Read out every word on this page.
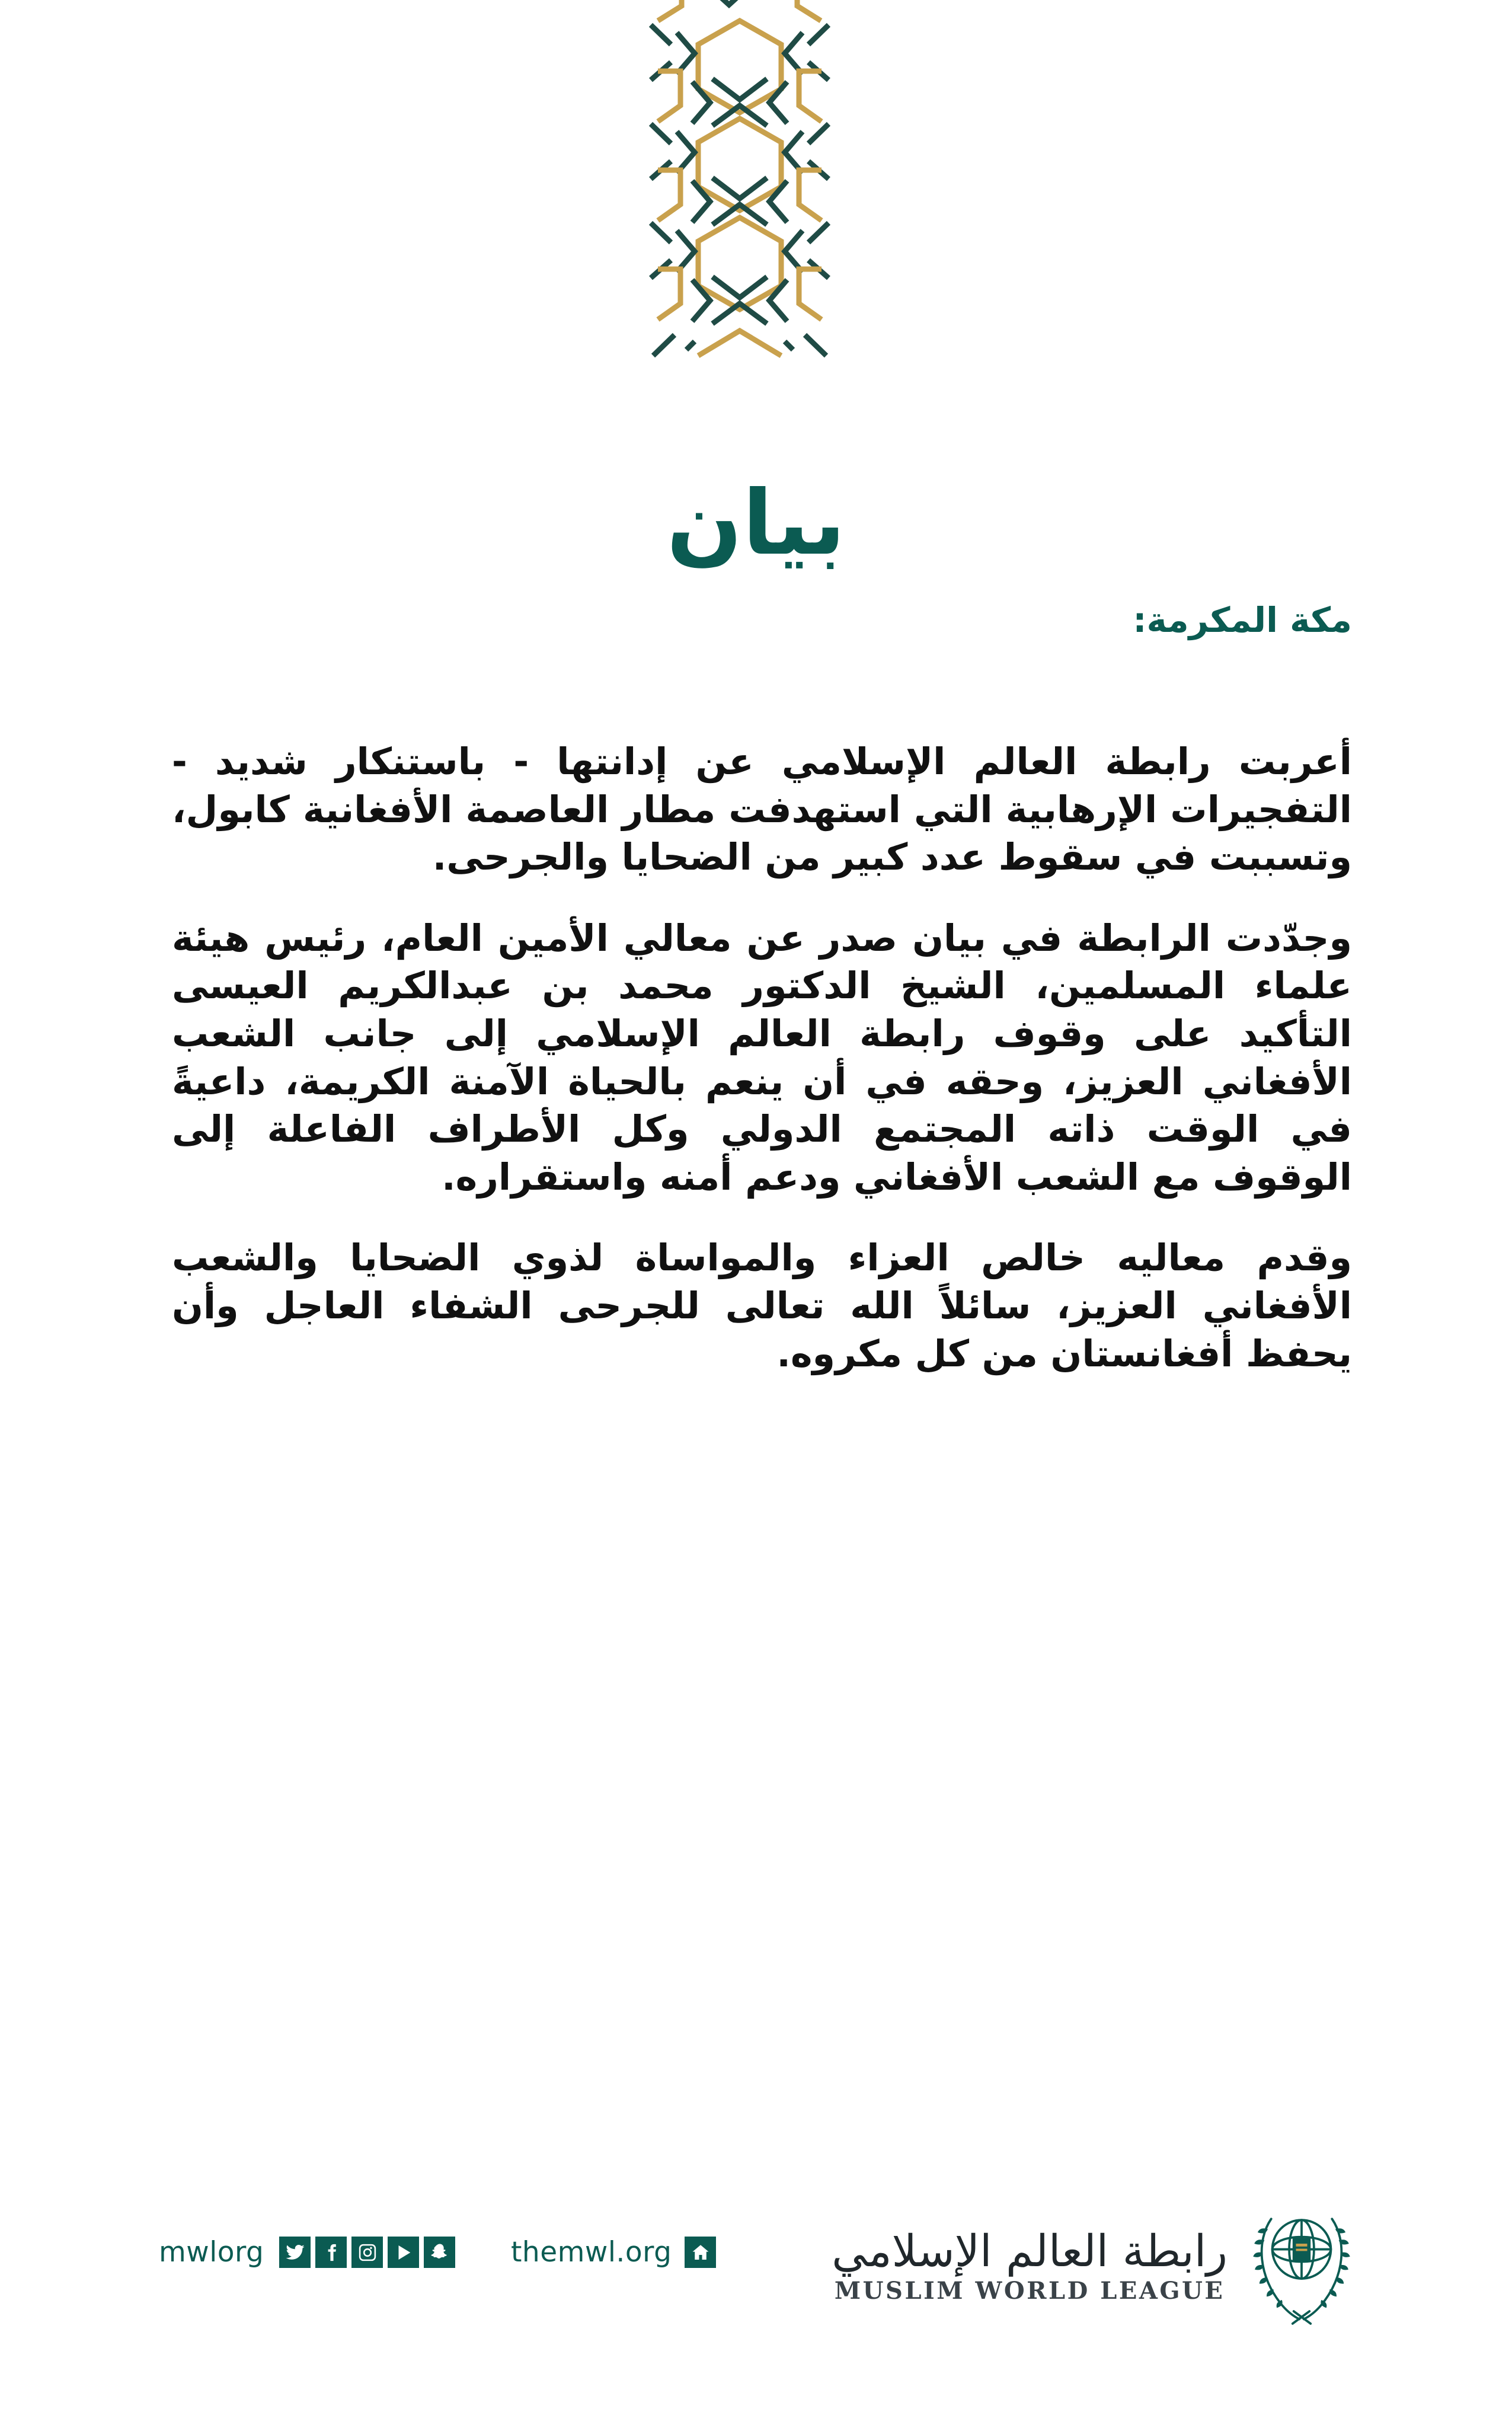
بيان
مكة المكرمة:

أعربت رابطة العالم الإسلامي عن إدانتها - باستنكار شديد - التفجيرات الإرهابية التي استهدفت مطار العاصمة الأفغانية كابول، وتسببت في سقوط عدد كبير من الضحايا والجرحى.

وجدّدت الرابطة في بيان صدر عن معالي الأمين العام، رئيس هيئة علماء المسلمين، الشيخ الدكتور محمد بن عبدالكريم العيسى التأكيد على وقوف رابطة العالم الإسلامي إلى جانب الشعب الأفغاني العزيز، وحقه في أن ينعم بالحياة الآمنة الكريمة، داعيةً في الوقت ذاته المجتمع الدولي وكل الأطراف الفاعلة إلى الوقوف مع الشعب الأفغاني ودعم أمنه واستقراره.

وقدم معاليه خالص العزاء والمواساة لذوي الضحايا والشعب الأفغاني العزيز، سائلاً الله تعالى للجرحى الشفاء العاجل وأن يحفظ أفغانستان من كل مكروه.

mwlorg	themwl.org	رابطة العالم الإسلامي
MUSLIM WORLD LEAGUE
